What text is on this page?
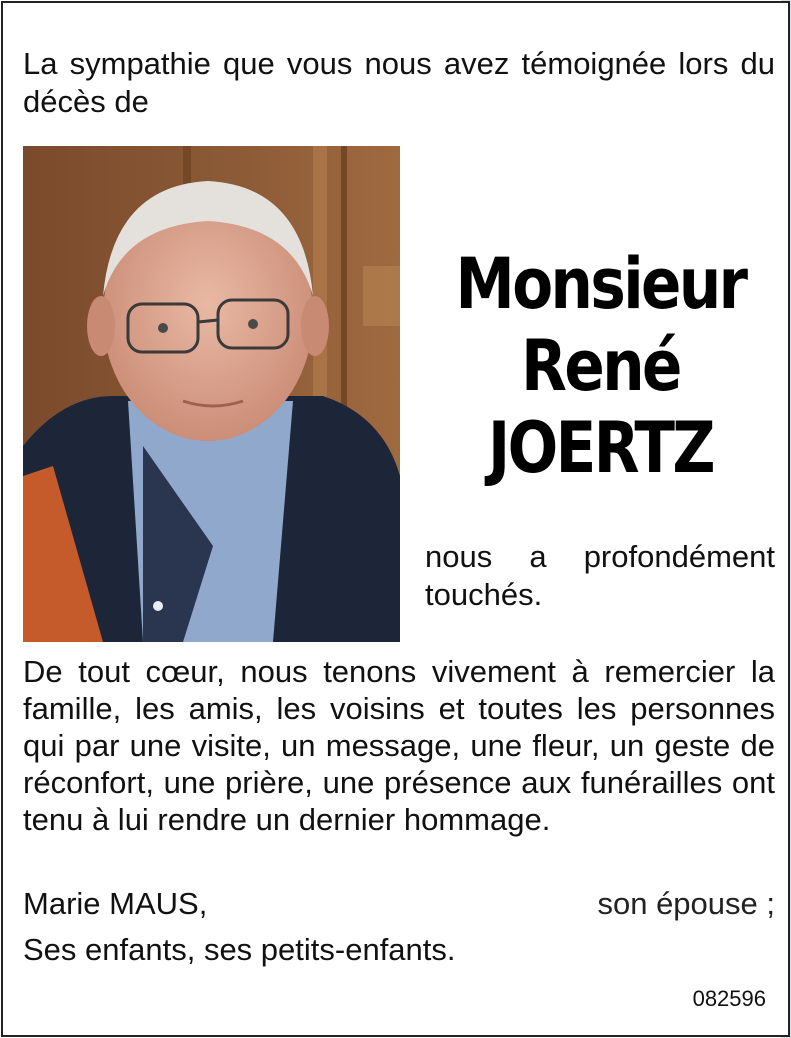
La sympathie que vous nous avez témoignée lors du décès de
Monsieur
René
JOERTZ
nous a profondément touchés.
De tout cœur, nous tenons vivement à remercier la famille, les amis, les voisins et toutes les personnes qui par une visite, un message, une fleur, un geste de réconfort, une prière, une présence aux funérailles ont tenu à lui rendre un dernier hommage.
Marie MAUS,	son épouse ;
Ses enfants, ses petits-enfants.
082596
